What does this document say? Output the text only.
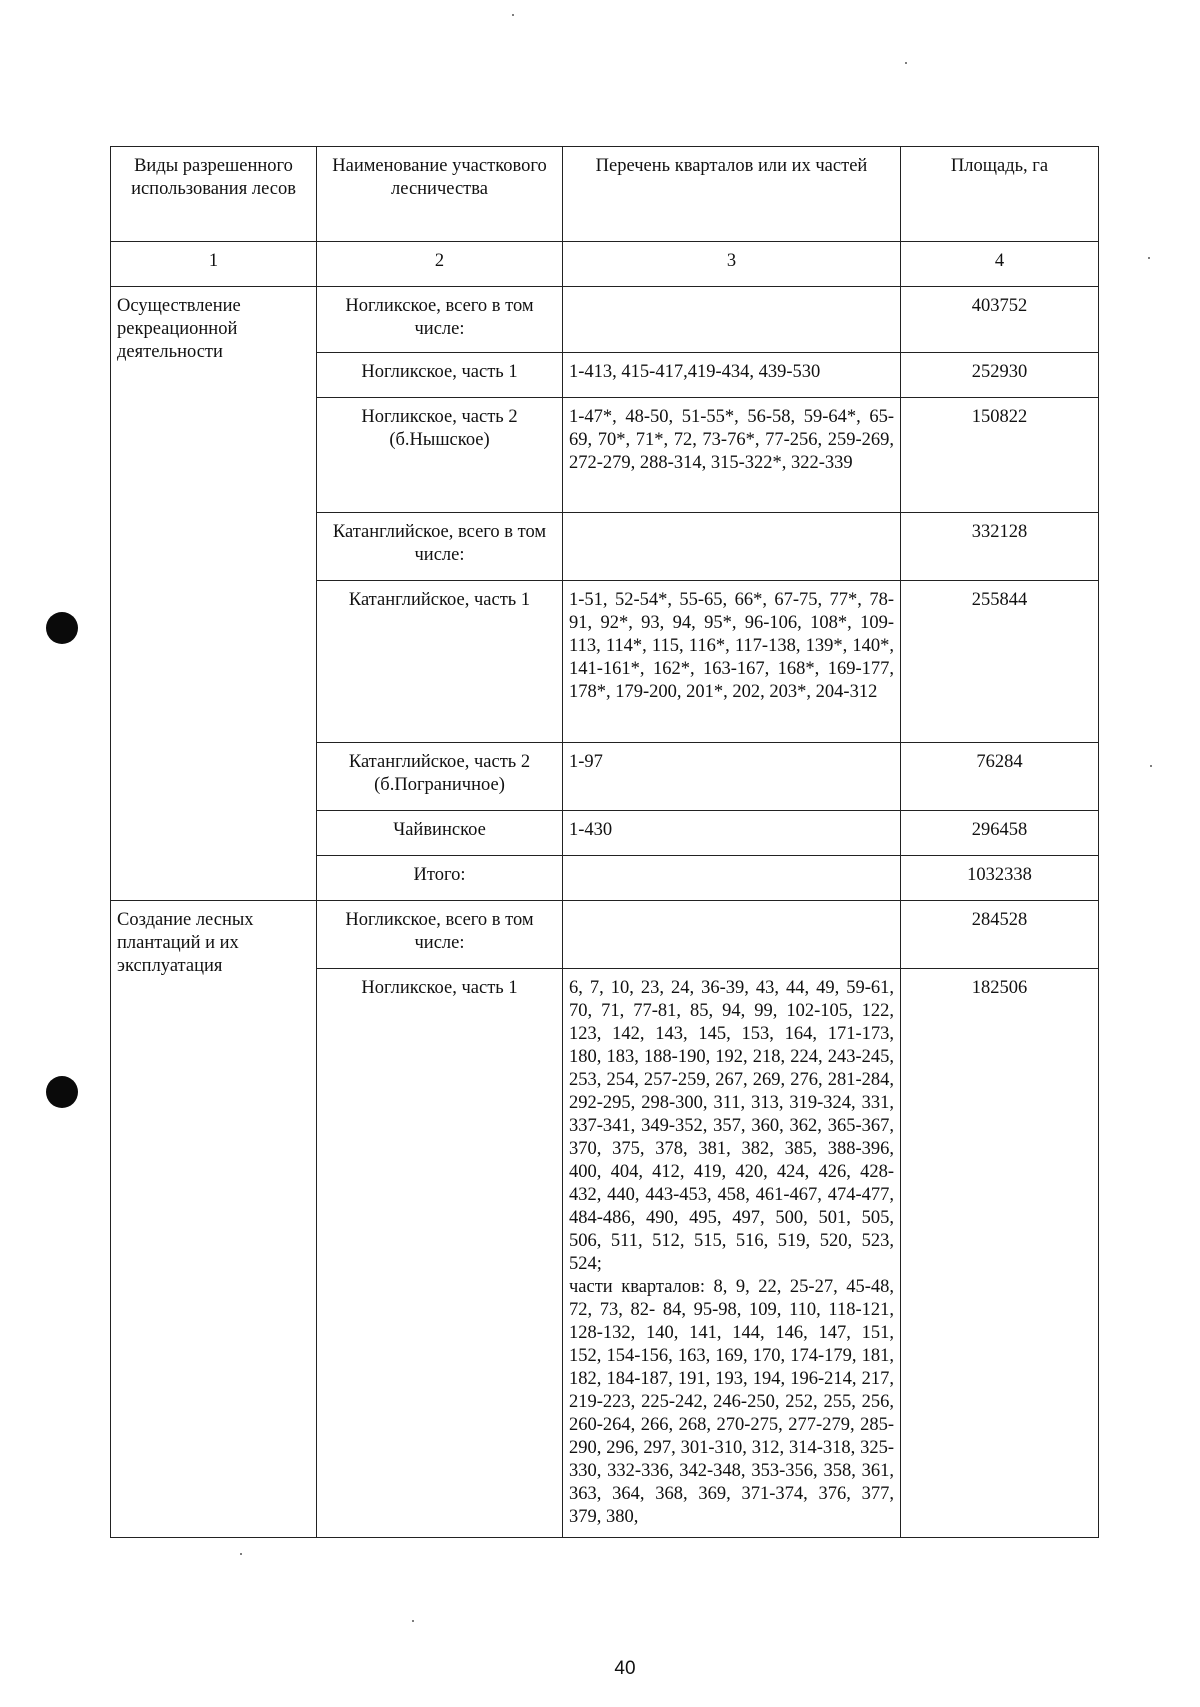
Виды разрешенного использования лесов	Наименование участкового лесничества	Перечень кварталов или их частей	Площадь, га
1	2	3	4
Осуществление рекреационной деятельности	Ногликское, всего в том числе:		403752
	Ногликское, часть 1	1-413, 415-417,419-434, 439-530	252930
	Ногликское, часть 2 (б.Нышское)	1-47*, 48-50, 51-55*, 56-58, 59-64*, 65-69, 70*, 71*, 72, 73-76*, 77-256, 259-269, 272-279, 288-314, 315-322*, 322-339	150822
	Катанглийское, всего в том числе:		332128
	Катанглийское, часть 1	1-51, 52-54*, 55-65, 66*, 67-75, 77*, 78-91, 92*, 93, 94, 95*, 96-106, 108*, 109-113, 114*, 115, 116*, 117-138, 139*, 140*, 141-161*, 162*, 163-167, 168*, 169-177, 178*, 179-200, 201*, 202, 203*, 204-312	255844
	Катанглийское, часть 2 (б.Пограничное)	1-97	76284
	Чайвинское	1-430	296458
	Итого:		1032338
Создание лесных плантаций и их эксплуатация	Ногликское, всего в том числе:		284528
	Ногликское, часть 1	6, 7, 10, 23, 24, 36-39, 43, 44, 49, 59-61, 70, 71, 77-81, 85, 94, 99, 102-105, 122, 123, 142, 143, 145, 153, 164, 171-173, 180, 183, 188-190, 192, 218, 224, 243-245, 253, 254, 257-259, 267, 269, 276, 281-284, 292-295, 298-300, 311, 313, 319-324, 331, 337-341, 349-352, 357, 360, 362, 365-367, 370, 375, 378, 381, 382, 385, 388-396, 400, 404, 412, 419, 420, 424, 426, 428-432, 440, 443-453, 458, 461-467, 474-477, 484-486, 490, 495, 497, 500, 501, 505, 506, 511, 512, 515, 516, 519, 520, 523, 524;
части кварталов: 8, 9, 22, 25-27, 45-48, 72, 73, 82- 84, 95-98, 109, 110, 118-121, 128-132, 140, 141, 144, 146, 147, 151, 152, 154-156, 163, 169, 170, 174-179, 181, 182, 184-187, 191, 193, 194, 196-214, 217, 219-223, 225-242, 246-250, 252, 255, 256, 260-264, 266, 268, 270-275, 277-279, 285-290, 296, 297, 301-310, 312, 314-318, 325-330, 332-336, 342-348, 353-356, 358, 361, 363, 364, 368, 369, 371-374, 376, 377, 379, 380,	182506
40
